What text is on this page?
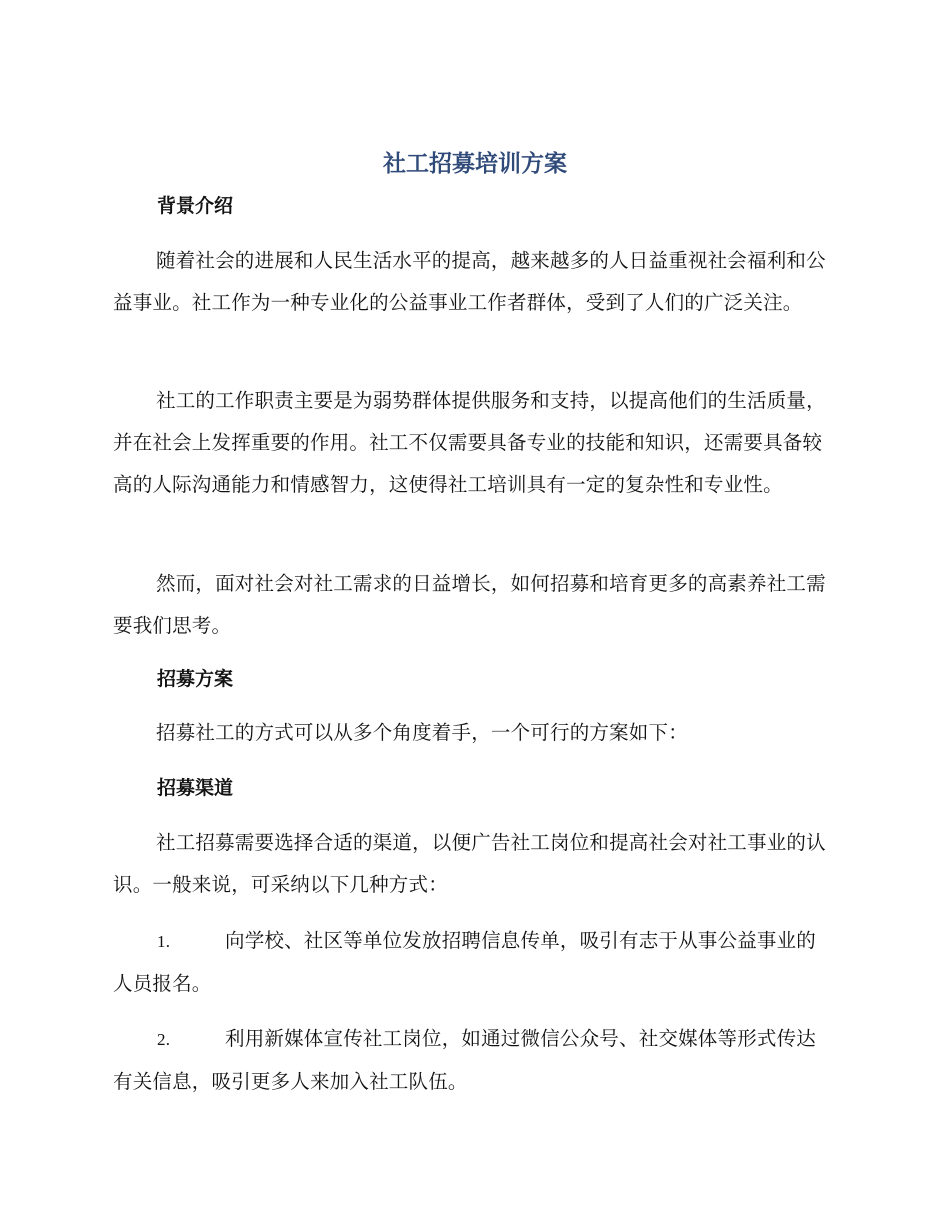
社工招募培训方案
背景介绍

随着社会的进展和人民生活水平的提高，越来越多的人日益重视社会福利和公益事业。社工作为一种专业化的公益事业工作者群体，受到了人们的广泛关注。

社工的工作职责主要是为弱势群体提供服务和支持，以提高他们的生活质量，并在社会上发挥重要的作用。社工不仅需要具备专业的技能和知识，还需要具备较高的人际沟通能力和情感智力，这使得社工培训具有一定的复杂性和专业性。

然而，面对社会对社工需求的日益增长，如何招募和培育更多的高素养社工需要我们思考。

招募方案

招募社工的方式可以从多个角度着手，一个可行的方案如下：

招募渠道

社工招募需要选择合适的渠道，以便广告社工岗位和提高社会对社工事业的认识。一般来说，可采纳以下几种方式：

1.	向学校、社区等单位发放招聘信息传单，吸引有志于从事公益事业的人员报名。

2.	利用新媒体宣传社工岗位，如通过微信公众号、社交媒体等形式传达有关信息，吸引更多人来加入社工队伍。
